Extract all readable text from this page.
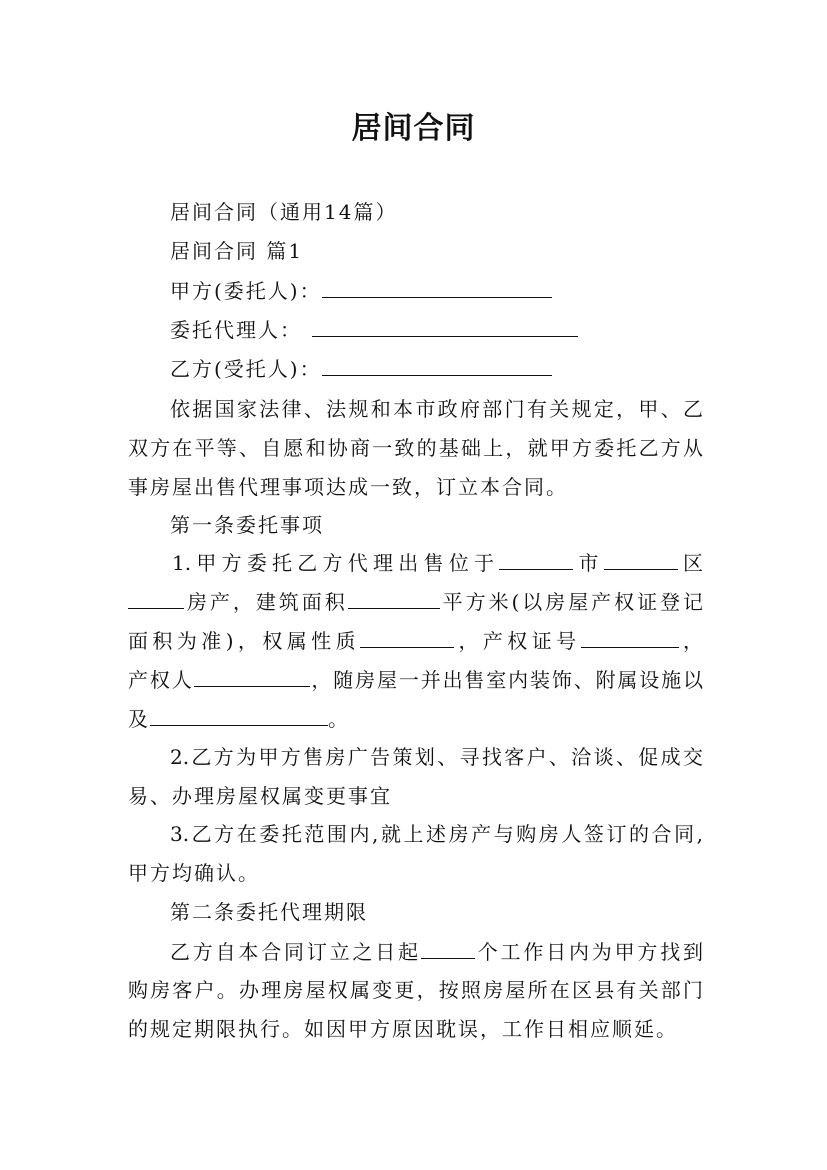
居间合同
居间合同（通用14篇）
居间合同 篇1
甲方(委托人)：
委托代理人：
乙方(受托人)：
依据国家法律、法规和本市政府部门有关规定，甲、乙
双方在平等、自愿和协商一致的基础上，就甲方委托乙方从
事房屋出售代理事项达成一致，订立本合同。
第一条委托事项
1.甲方委托乙方代理出售位于	市	区
房产，建筑面积	平方米(以房屋产权证登记
面积为准)，权属性质	，产权证号	，
产权人	，随房屋一并出售室内装饰、附属设施以
及	。
2.乙方为甲方售房广告策划、寻找客户、洽谈、促成交
易、办理房屋权属变更事宜
3.乙方在委托范围内,就上述房产与购房人签订的合同,
甲方均确认。
第二条委托代理期限
乙方自本合同订立之日起	个工作日内为甲方找到
购房客户。办理房屋权属变更，按照房屋所在区县有关部门
的规定期限执行。如因甲方原因耽误，工作日相应顺延。
